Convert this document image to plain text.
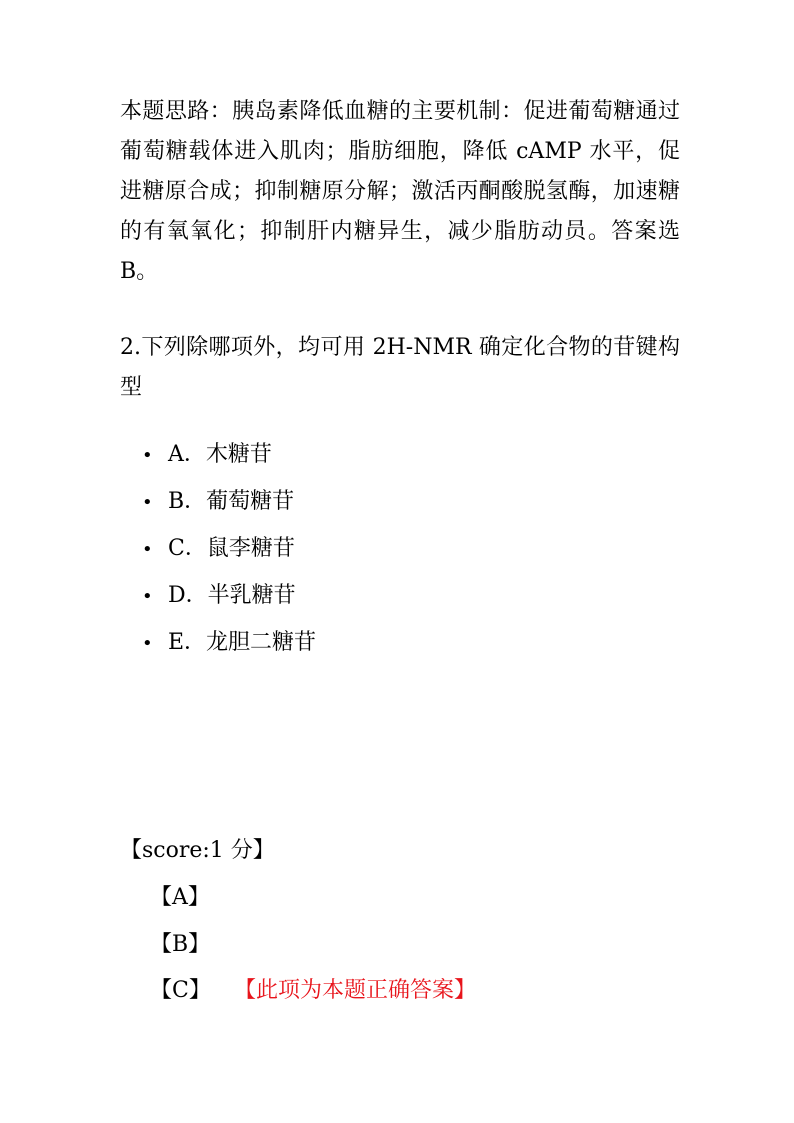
本题思路：胰岛素降低血糖的主要机制：促进葡萄糖通过葡萄糖载体进入肌肉；脂肪细胞，降低 cAMP 水平，促进糖原合成；抑制糖原分解；激活丙酮酸脱氢酶，加速糖的有氧氧化；抑制肝内糖异生，减少脂肪动员。答案选 B。

2.下列除哪项外，均可用 2H-NMR 确定化合物的苷键构型

• A．木糖苷
• B．葡萄糖苷
• C．鼠李糖苷
• D．半乳糖苷
• E．龙胆二糖苷
【score:1 分】
【A】
【B】
【C】 【此项为本题正确答案】
